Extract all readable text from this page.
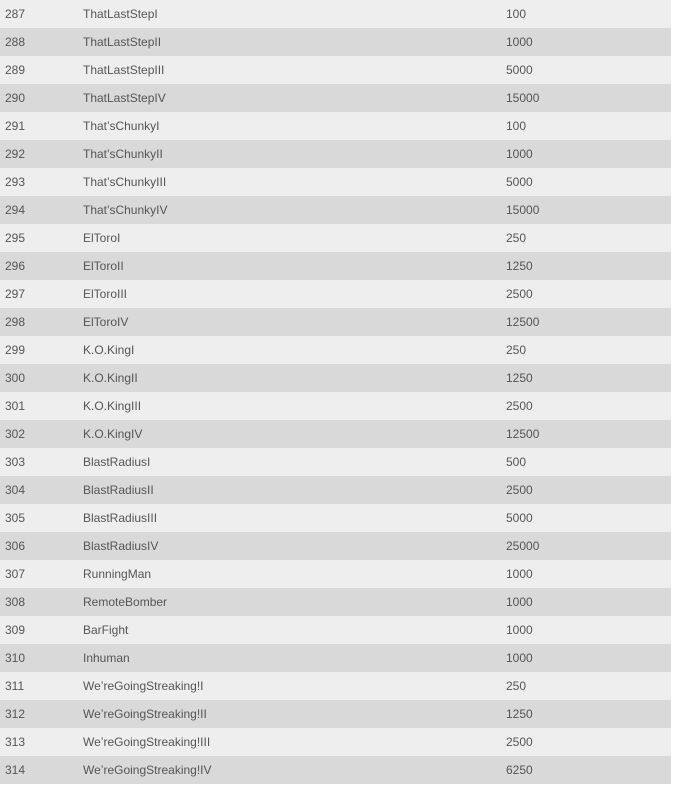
287	ThatLastStepI	100
288	ThatLastStepII	1000
289	ThatLastStepIII	5000
290	ThatLastStepIV	15000
291	That’sChunkyI	100
292	That’sChunkyII	1000
293	That’sChunkyIII	5000
294	That’sChunkyIV	15000
295	ElToroI	250
296	ElToroII	1250
297	ElToroIII	2500
298	ElToroIV	12500
299	K.O.KingI	250
300	K.O.KingII	1250
301	K.O.KingIII	2500
302	K.O.KingIV	12500
303	BlastRadiusI	500
304	BlastRadiusII	2500
305	BlastRadiusIII	5000
306	BlastRadiusIV	25000
307	RunningMan	1000
308	RemoteBomber	1000
309	BarFight	1000
310	Inhuman	1000
311	We’reGoingStreaking!I	250
312	We’reGoingStreaking!II	1250
313	We’reGoingStreaking!III	2500
314	We’reGoingStreaking!IV	6250
